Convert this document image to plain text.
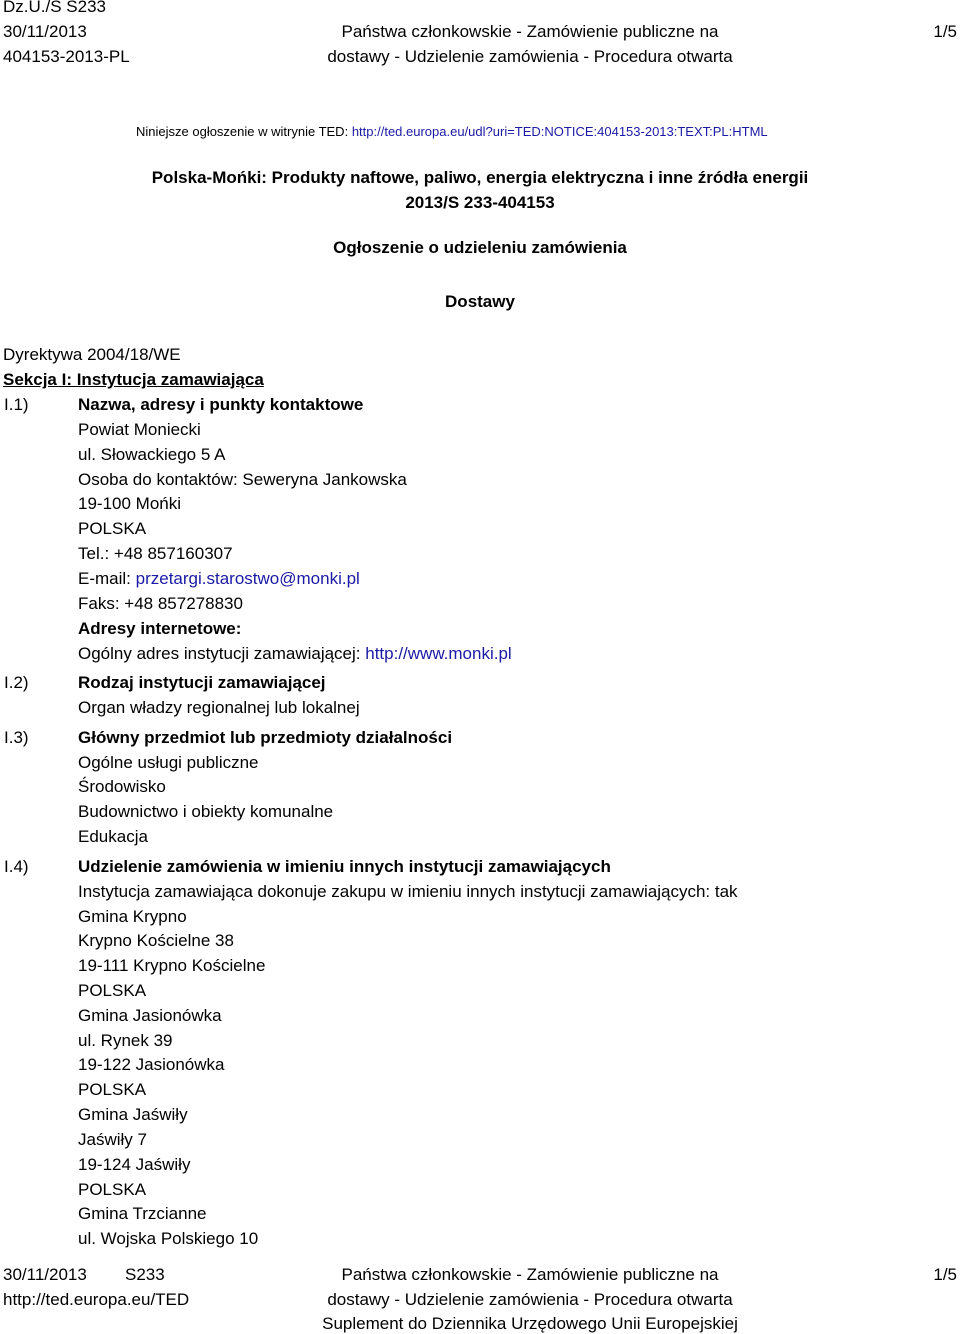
Dz.U./S S233
30/11/2013
404153-2013-PL
Państwa członkowskie - Zamówienie publiczne na
dostawy - Udzielenie zamówienia - Procedura otwarta
1/5
Niniejsze ogłoszenie w witrynie TED: http://ted.europa.eu/udl?uri=TED:NOTICE:404153-2013:TEXT:PL:HTML
Polska-Mońki: Produkty naftowe, paliwo, energia elektryczna i inne źródła energii
2013/S 233-404153
Ogłoszenie o udzieleniu zamówienia
Dostawy
Dyrektywa 2004/18/WE
Sekcja I: Instytucja zamawiająca
I.1)	Nazwa, adresy i punkty kontaktowe
Powiat Moniecki
ul. Słowackiego 5 A
Osoba do kontaktów: Seweryna Jankowska
19-100 Mońki
POLSKA
Tel.: +48 857160307
E-mail: przetargi.starostwo@monki.pl
Faks: +48 857278830
Adresy internetowe:
Ogólny adres instytucji zamawiającej: http://www.monki.pl
I.2)	Rodzaj instytucji zamawiającej
Organ władzy regionalnej lub lokalnej
I.3)	Główny przedmiot lub przedmioty działalności
Ogólne usługi publiczne
Środowisko
Budownictwo i obiekty komunalne
Edukacja
I.4)	Udzielenie zamówienia w imieniu innych instytucji zamawiających
Instytucja zamawiająca dokonuje zakupu w imieniu innych instytucji zamawiających: tak
Gmina Krypno
Krypno Kościelne 38
19-111 Krypno Kościelne
POLSKA
Gmina Jasionówka
ul. Rynek 39
19-122 Jasionówka
POLSKA
Gmina Jaświły
Jaświły 7
19-124 Jaświły
POLSKA
Gmina Trzcianne
ul. Wojska Polskiego 10
30/11/2013 S233
http://ted.europa.eu/TED
Państwa członkowskie - Zamówienie publiczne na
dostawy - Udzielenie zamówienia - Procedura otwarta
Suplement do Dziennika Urzędowego Unii Europejskiej
1/5
